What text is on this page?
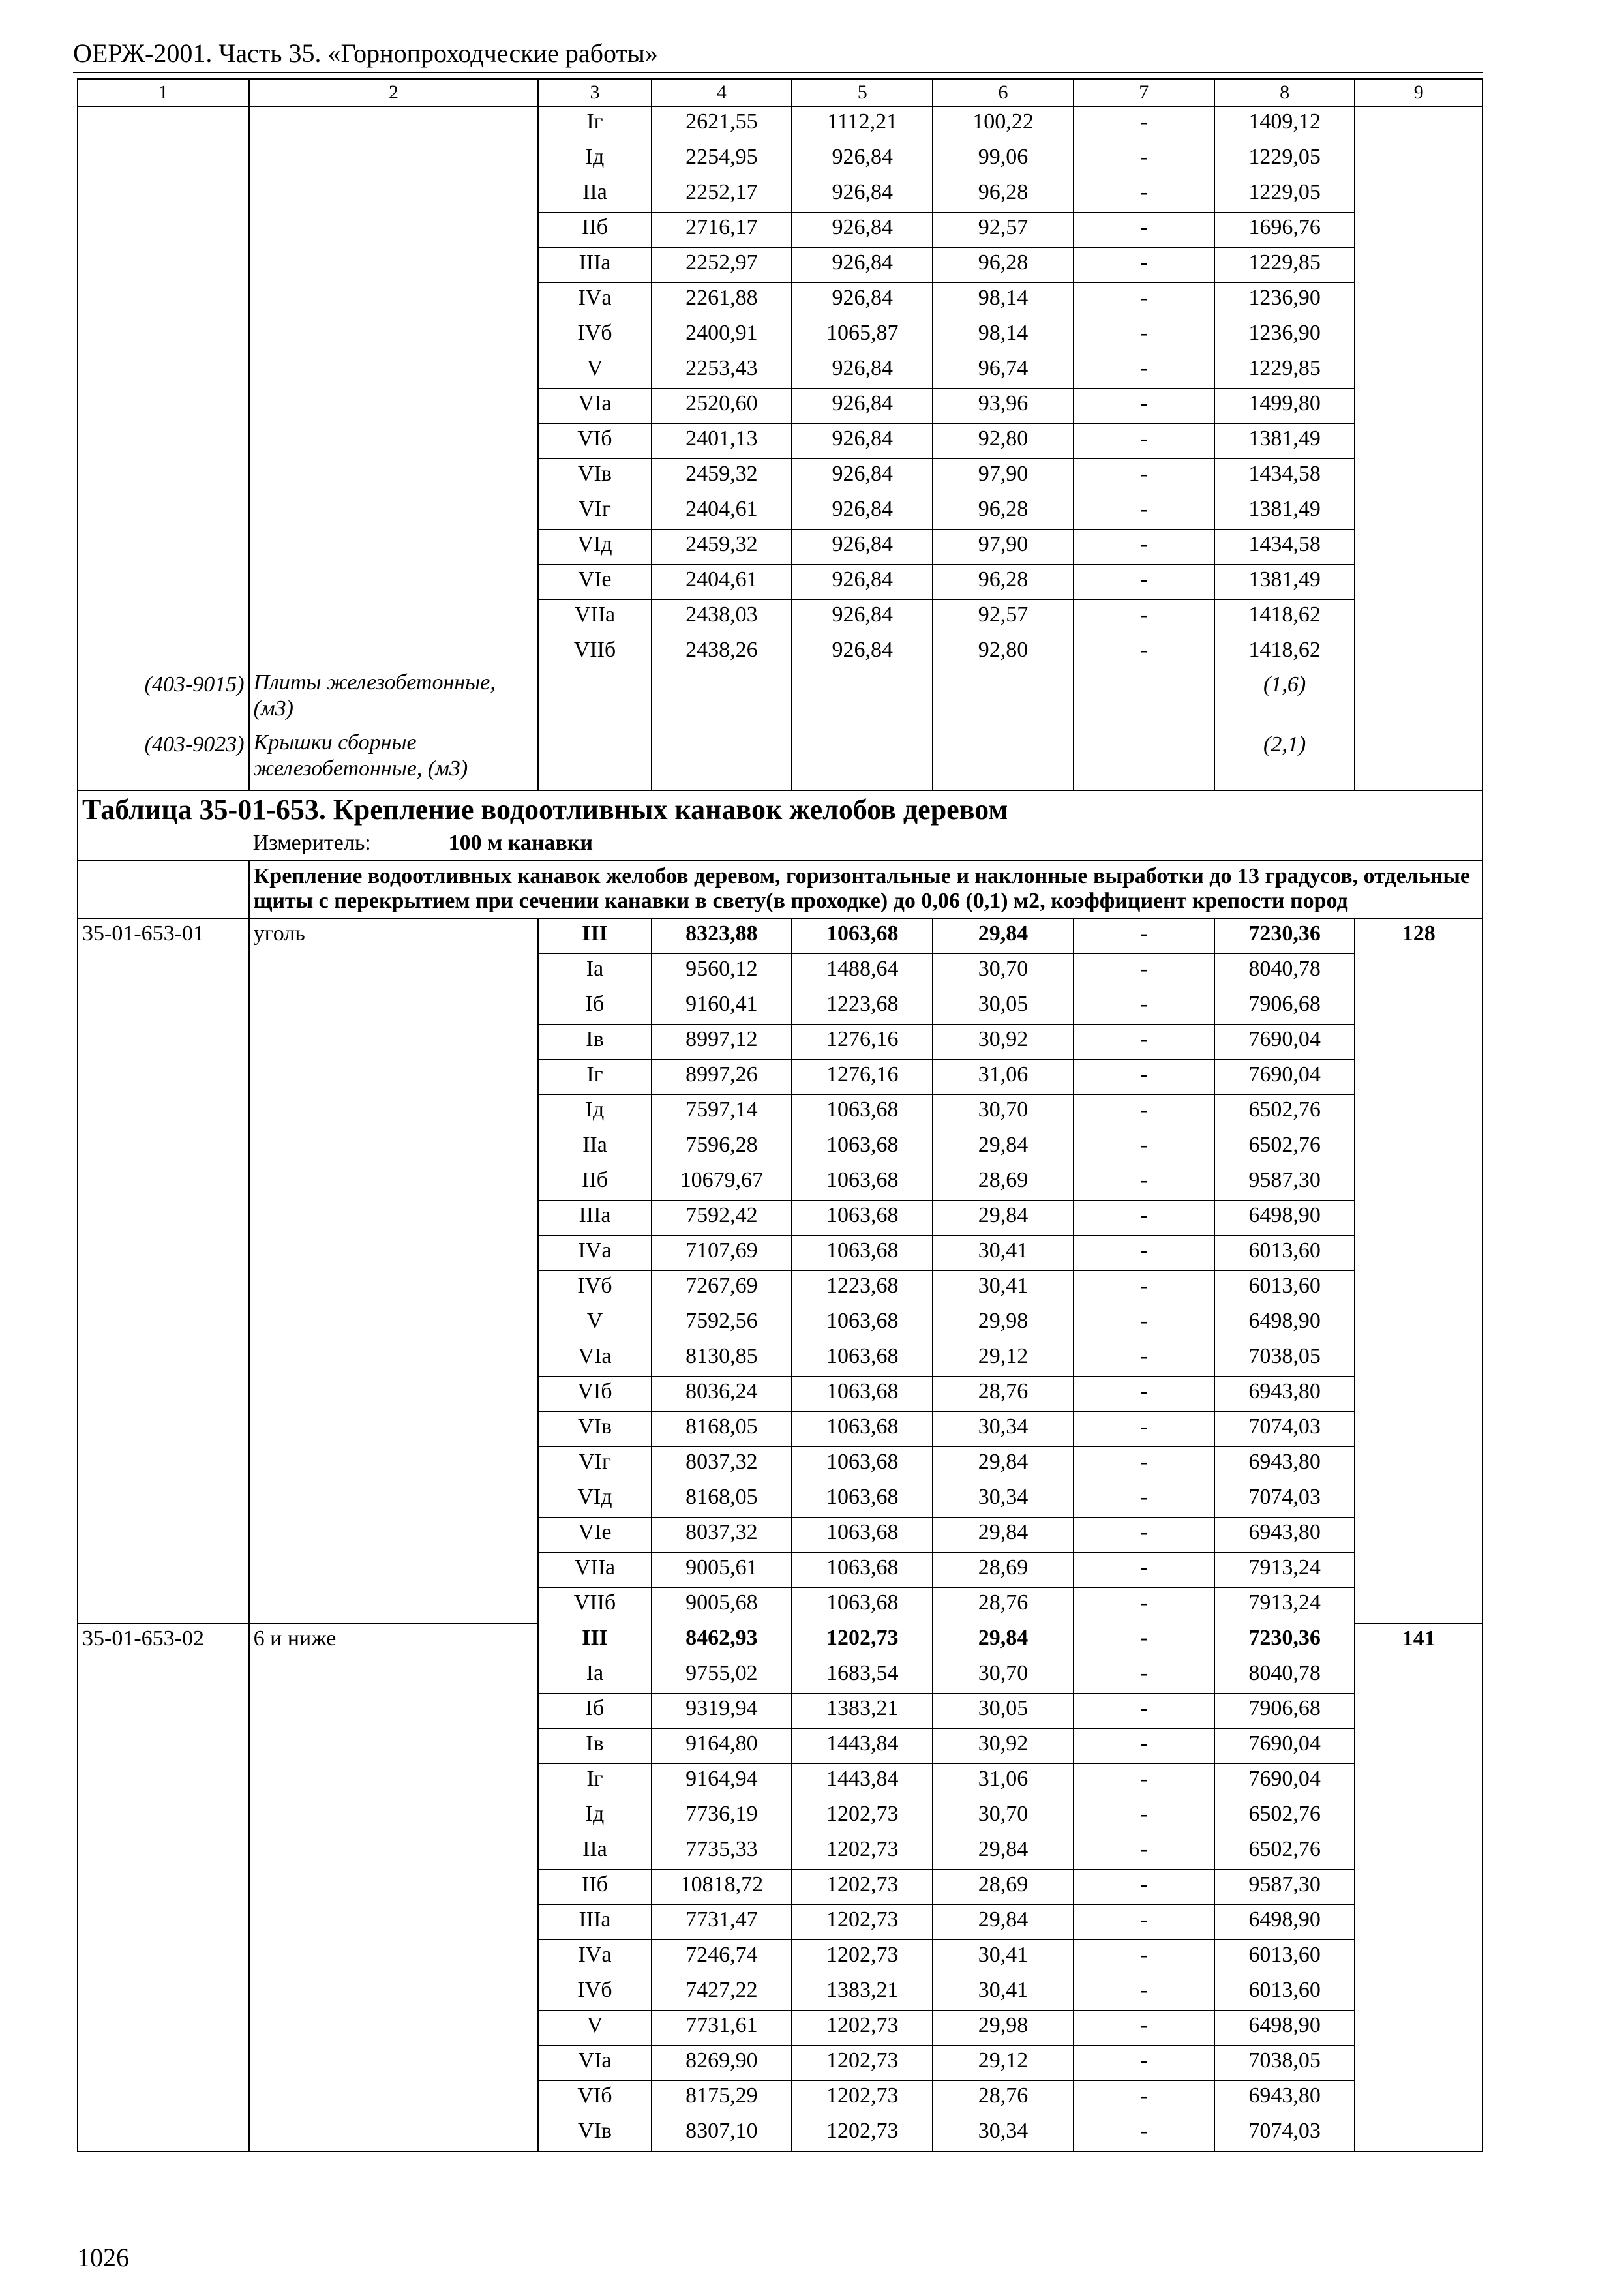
ОЕРЖ-2001. Часть 35. «Горнопроходческие работы»
1	2	3	4	5	6	7	8	9
		Iг	2621,55	1112,21	100,22	-	1409,12	
		Iд	2254,95	926,84	99,06	-	1229,05	
		IIа	2252,17	926,84	96,28	-	1229,05	
		IIб	2716,17	926,84	92,57	-	1696,76	
		IIIа	2252,97	926,84	96,28	-	1229,85	
		IVа	2261,88	926,84	98,14	-	1236,90	
		IVб	2400,91	1065,87	98,14	-	1236,90	
		V	2253,43	926,84	96,74	-	1229,85	
		VIа	2520,60	926,84	93,96	-	1499,80	
		VIб	2401,13	926,84	92,80	-	1381,49	
		VIв	2459,32	926,84	97,90	-	1434,58	
		VIг	2404,61	926,84	96,28	-	1381,49	
		VIд	2459,32	926,84	97,90	-	1434,58	
		VIе	2404,61	926,84	96,28	-	1381,49	
		VIIа	2438,03	926,84	92,57	-	1418,62	
		VIIб	2438,26	926,84	92,80	-	1418,62	
(403-9015)	Плиты железобетонные, (м3)						(1,6)	
(403-9023)	Крышки сборные железобетонные, (м3)						(2,1)	
Таблица 35-01-653. Крепление водоотливных канавок желобов деревом								
	Измеритель: 100 м канавки							
	Крепление водоотливных канавок желобов деревом, горизонтальные и наклонные выработки до 13 градусов, отдельные щиты с перекрытием при сечении канавки в свету(в проходке) до 0,06 (0,1) м2, коэффициент крепости пород							
35-01-653-01	уголь	III	8323,88	1063,68	29,84	-	7230,36	128
		Iа	9560,12	1488,64	30,70	-	8040,78	
		Iб	9160,41	1223,68	30,05	-	7906,68	
		Iв	8997,12	1276,16	30,92	-	7690,04	
		Iг	8997,26	1276,16	31,06	-	7690,04	
		Iд	7597,14	1063,68	30,70	-	6502,76	
		IIа	7596,28	1063,68	29,84	-	6502,76	
		IIб	10679,67	1063,68	28,69	-	9587,30	
		IIIа	7592,42	1063,68	29,84	-	6498,90	
		IVа	7107,69	1063,68	30,41	-	6013,60	
		IVб	7267,69	1223,68	30,41	-	6013,60	
		V	7592,56	1063,68	29,98	-	6498,90	
		VIа	8130,85	1063,68	29,12	-	7038,05	
		VIб	8036,24	1063,68	28,76	-	6943,80	
		VIв	8168,05	1063,68	30,34	-	7074,03	
		VIг	8037,32	1063,68	29,84	-	6943,80	
		VIд	8168,05	1063,68	30,34	-	7074,03	
		VIе	8037,32	1063,68	29,84	-	6943,80	
		VIIа	9005,61	1063,68	28,69	-	7913,24	
		VIIб	9005,68	1063,68	28,76	-	7913,24	
35-01-653-02	6 и ниже	III	8462,93	1202,73	29,84	-	7230,36	141
		Iа	9755,02	1683,54	30,70	-	8040,78	
		Iб	9319,94	1383,21	30,05	-	7906,68	
		Iв	9164,80	1443,84	30,92	-	7690,04	
		Iг	9164,94	1443,84	31,06	-	7690,04	
		Iд	7736,19	1202,73	30,70	-	6502,76	
		IIа	7735,33	1202,73	29,84	-	6502,76	
		IIб	10818,72	1202,73	28,69	-	9587,30	
		IIIа	7731,47	1202,73	29,84	-	6498,90	
		IVа	7246,74	1202,73	30,41	-	6013,60	
		IVб	7427,22	1383,21	30,41	-	6013,60	
		V	7731,61	1202,73	29,98	-	6498,90	
		VIа	8269,90	1202,73	29,12	-	7038,05	
		VIб	8175,29	1202,73	28,76	-	6943,80	
		VIв	8307,10	1202,73	30,34	-	7074,03	
1026
